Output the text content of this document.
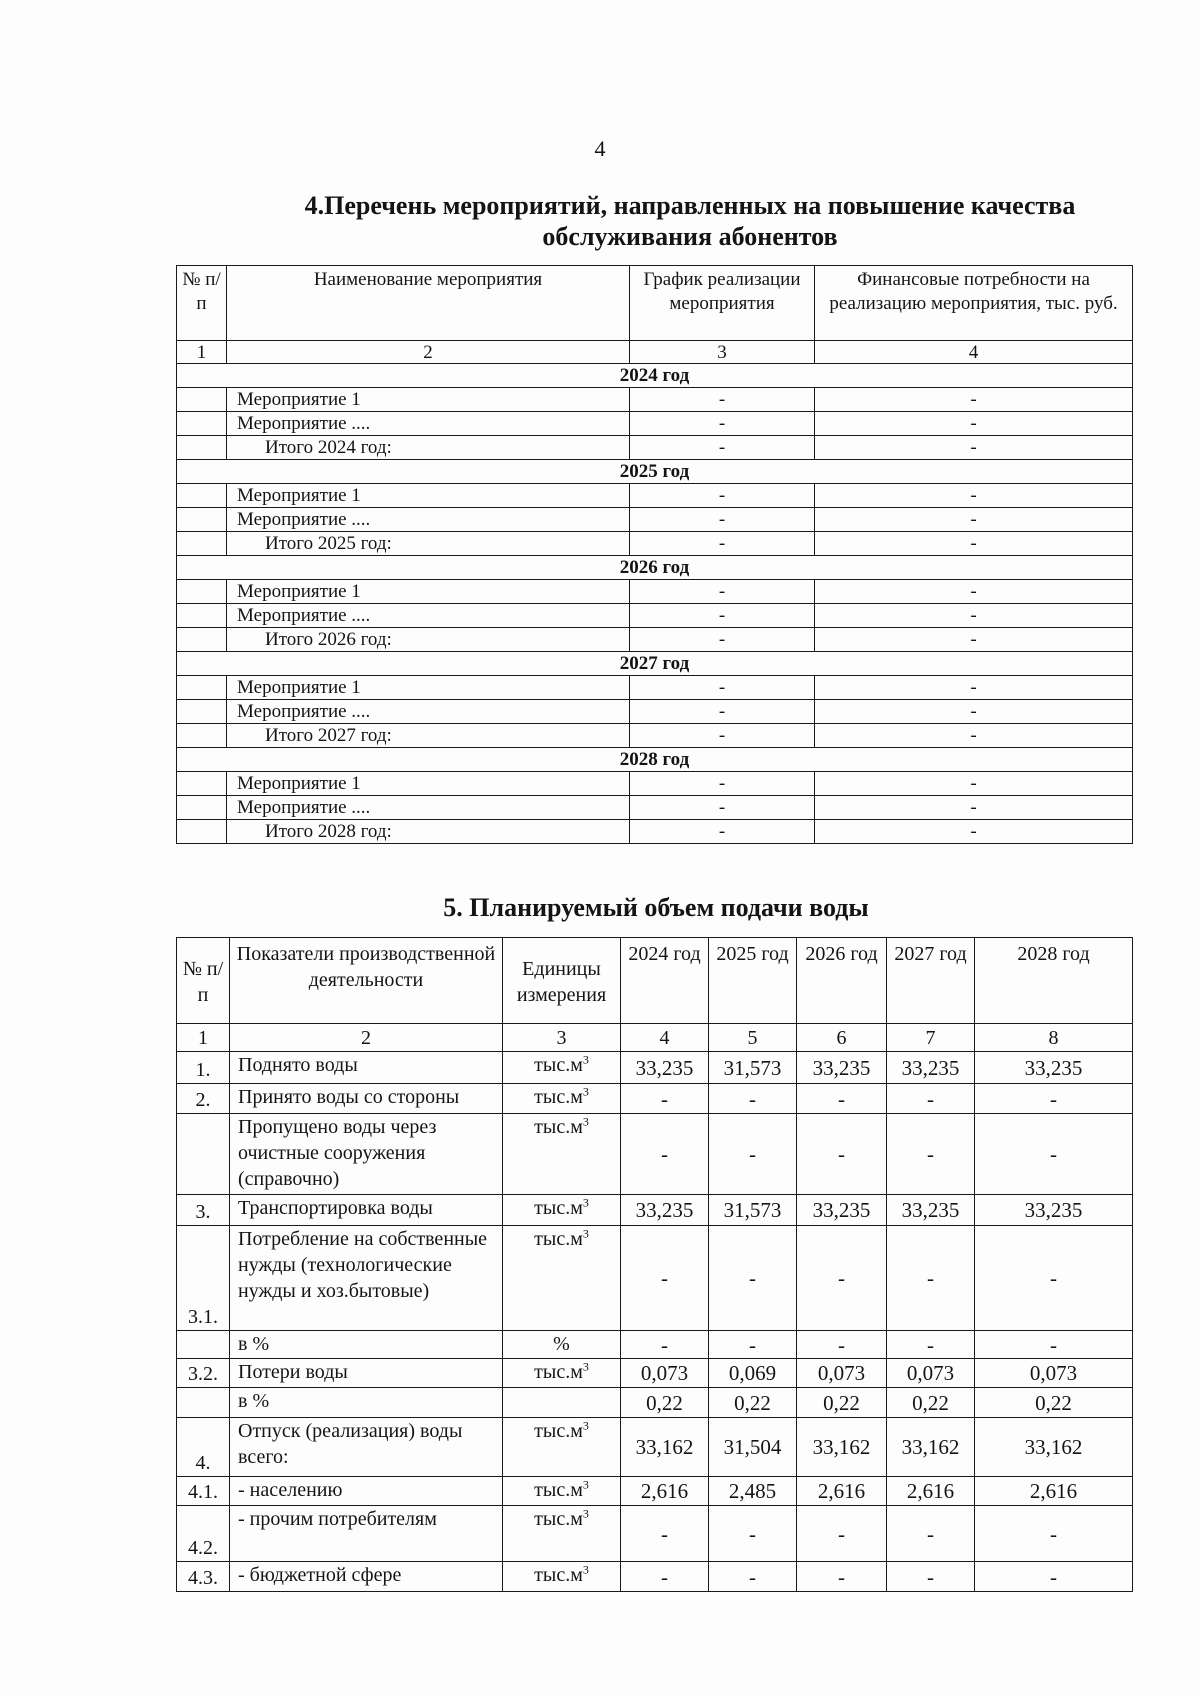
4
4.Перечень мероприятий, направленных на повышение качества обслуживания абонентов
№ п/п	Наименование мероприятия	График реализации мероприятия	Финансовые потребности на реализацию мероприятия, тыс. руб.
1	2	3	4
2024 год			
	Мероприятие 1	-	-
	Мероприятие ....	-	-
	Итого 2024 год:	-	-
2025 год			
	Мероприятие 1	-	-
	Мероприятие ....	-	-
	Итого 2025 год:	-	-
2026 год			
	Мероприятие 1	-	-
	Мероприятие ....	-	-
	Итого 2026 год:	-	-
2027 год			
	Мероприятие 1	-	-
	Мероприятие ....	-	-
	Итого 2027 год:	-	-
2028 год			
	Мероприятие 1	-	-
	Мероприятие ....	-	-
	Итого 2028 год:	-	-
5. Планируемый объем подачи воды
№ п/п	Показатели производственной деятельности	Единицы измерения	2024 год	2025 год	2026 год	2027 год	2028 год
1	2	3	4	5	6	7	8
1.	Поднято воды	$тыс.м^3$	33,235	31,573	33,235	33,235	33,235
2.	Принято воды со стороны	$тыс.м^3$	-	-	-	-	-
	Пропущено воды через очистные сооружения (справочно)	$тыс.м^3$	-	-	-	-	-
3.	Транспортировка воды	$тыс.м^3$	33,235	31,573	33,235	33,235	33,235
3.1.	Потребление на собственные нужды (технологические нужды и хоз.бытовые)	$тыс.м^3$	-	-	-	-	-
	в %	%	-	-	-	-	-
3.2.	Потери воды	$тыс.м^3$	0,073	0,069	0,073	0,073	0,073
	в %		0,22	0,22	0,22	0,22	0,22
4.	Отпуск (реализация) воды всего:	$тыс.м^3$	33,162	31,504	33,162	33,162	33,162
4.1.	- населению	$тыс.м^3$	2,616	2,485	2,616	2,616	2,616
4.2.	- прочим потребителям	$тыс.м^3$	-	-	-	-	-
4.3.	- бюджетной сфере	$тыс.м^3$	-	-	-	-	-
